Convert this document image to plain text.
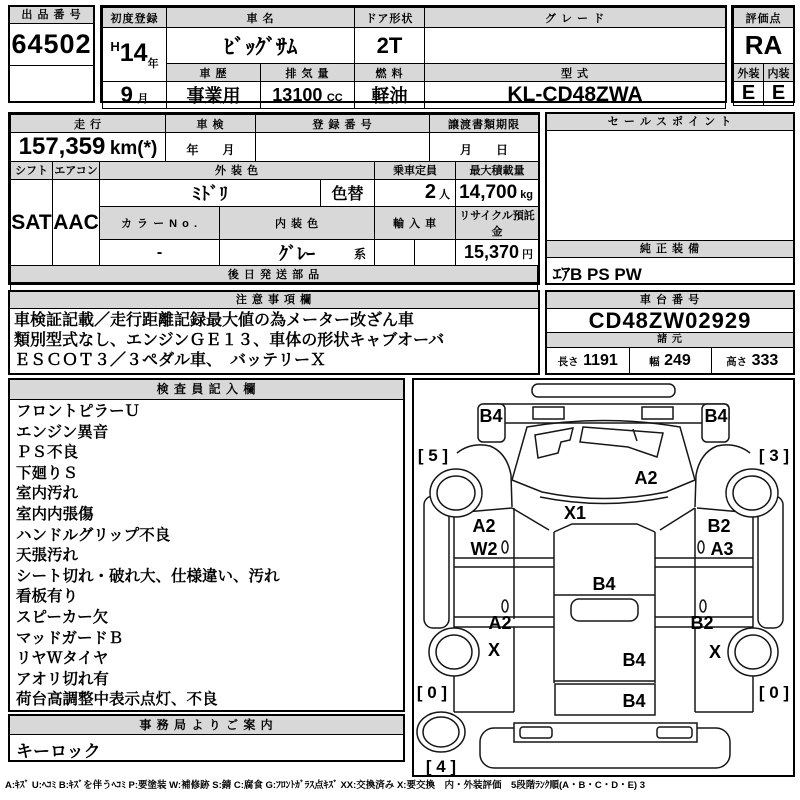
出 品 番 号
64502
初度登録	車 名		ドア形状	グ レ ー ド
$^H14_年$	ﾋﾞｯｸﾞｻﾑ		2T	
	車 歴	排 気 量	燃 料	型 式
9 月	事業用	13100 CC	軽油	KL-CD48ZWA
評価点	
RA	
外装	内装
E	E
走 行	車 検	登 録 番 号	譲渡書類期限
157,359 km(*)	年　　月		月　　日
シフト	エアコン	外 装 色			乗車定員		最大積載量
SAT	AAC	ﾐﾄﾞﾘ		色替	2 人		14,700 kg

		カ ラ ー N o .	内 装 色		輸 入 車		リサイクル預託金
		-	ｸﾞﾚｰ 系				15,370 円
後 日 発 送 部 品

セ ー ル ス ポ イ ン ト
純 正 装 備
ｴｱB PS PW
注 意 事 項 欄
車検証記載／走行距離記録最大値の為メーター改ざん車
類別型式なし、エンジンＧＥ１３、車体の形状キャブオーバ
ＥＳＣＯＴ３／３ペダル車、　バッテリーＸ
車 台 番 号
CD48ZW02929
諸 元
長さ 1191	幅 249	高さ 333
検 査 員 記 入 欄
フロントピラーＵ
エンジン異音
ＰＳ不良
下廻りＳ
室内汚れ
室内内張傷
ハンドルグリップ不良
天張汚れ
シート切れ・破れ大、仕様違い、汚れ
看板有り
スピーカー欠
マッドガードＢ
リヤＷタイヤ
アオリ切れ有
荷台高調整中表示点灯、不良
事 務 局 よ り ご 案 内
キーロック
B4	B4
[ 5 ]	[ 3 ]
A2
X1
A2
W2
B2
A3
B4
A2	B2
X	X
B4
B4
[ 0 ]	[ 0 ]
[ 4 ]
A:ｷｽﾞ U:ﾍｺﾐ B:ｷｽﾞを伴うﾍｺﾐ P:要塗装 W:補修跡 S:錆 C:腐食 G:ﾌﾛﾝﾄｶﾞﾗｽ点ｷｽﾞ XX:交換済み X:要交換　内・外装評価　5段階ﾗﾝｸ順(A・B・C・D・E) 3
